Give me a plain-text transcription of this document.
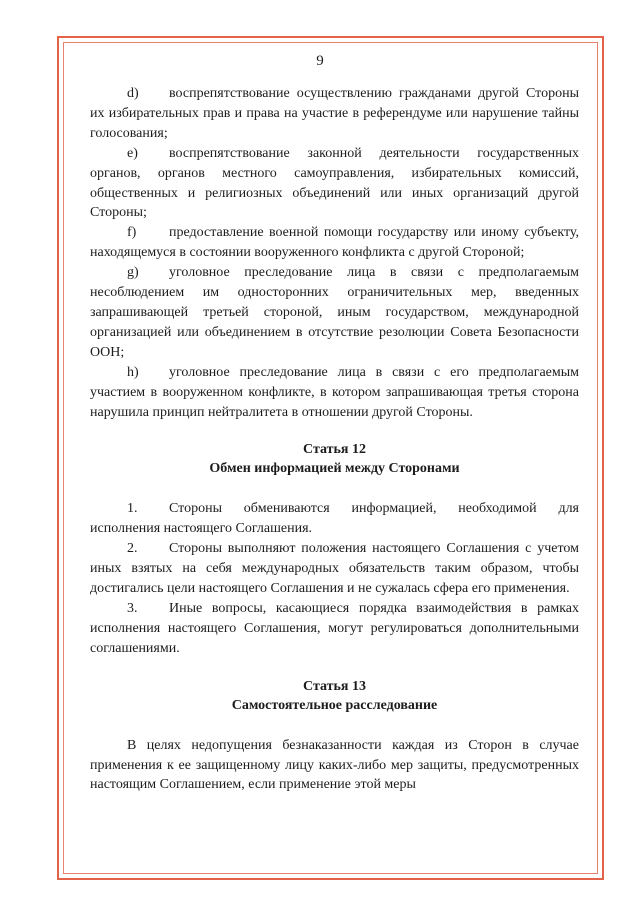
9

d) воспрепятствование осуществлению гражданами другой Стороны их избирательных прав и права на участие в референдуме или нарушение тайны голосования;

e) воспрепятствование законной деятельности государственных органов, органов местного самоуправления, избирательных комиссий, общественных и религиозных объединений или иных организаций другой Стороны;

f) предоставление военной помощи государству или иному субъекту, находящемуся в состоянии вооруженного конфликта с другой Стороной;

g) уголовное преследование лица в связи с предполагаемым несоблюдением им односторонних ограничительных мер, введенных запрашивающей третьей стороной, иным государством, международной организацией или объединением в отсутствие резолюции Совета Безопасности ООН;

h) уголовное преследование лица в связи с его предполагаемым участием в вооруженном конфликте, в котором запрашивающая третья сторона нарушила принцип нейтралитета в отношении другой Стороны.

Статья 12
Обмен информацией между Сторонами

1. Стороны обмениваются информацией, необходимой для исполнения настоящего Соглашения.

2. Стороны выполняют положения настоящего Соглашения с учетом иных взятых на себя международных обязательств таким образом, чтобы достигались цели настоящего Соглашения и не сужалась сфера его применения.

3. Иные вопросы, касающиеся порядка взаимодействия в рамках исполнения настоящего Соглашения, могут регулироваться дополнительными соглашениями.

Статья 13
Самостоятельное расследование

В целях недопущения безнаказанности каждая из Сторон в случае применения к ее защищенному лицу каких-либо мер защиты, предусмотренных настоящим Соглашением, если применение этой меры
